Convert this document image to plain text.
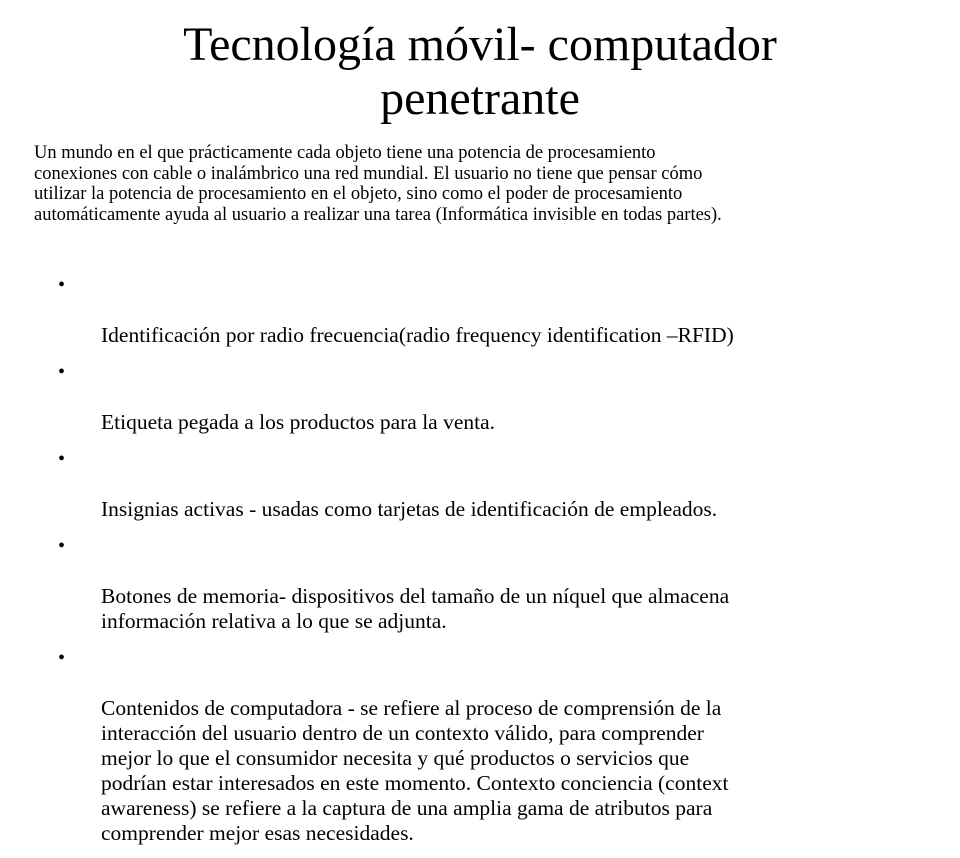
Tecnología móvil- computador
penetrante

Un mundo en el que prácticamente cada objeto tiene una potencia de procesamiento
conexiones con cable o inalámbrico una red mundial. El usuario no tiene que pensar cómo
utilizar la potencia de procesamiento en el objeto, sino como el poder de procesamiento
automáticamente ayuda al usuario a realizar una tarea (Informática invisible en todas partes).

•

Identificación por radio frecuencia(radio frequency identification –RFID)

•

Etiqueta pegada a los productos para la venta.

•

Insignias activas - usadas como tarjetas de identificación de empleados.

•

Botones de memoria- dispositivos del tamaño de un níquel que almacena
información relativa a lo que se adjunta.

•

Contenidos de computadora - se refiere al proceso de comprensión de la
interacción del usuario dentro de un contexto válido, para comprender
mejor lo que el consumidor necesita y qué productos o servicios que
podrían estar interesados en este momento. Contexto conciencia (context
awareness) se refiere a la captura de una amplia gama de atributos para
comprender mejor esas necesidades.
